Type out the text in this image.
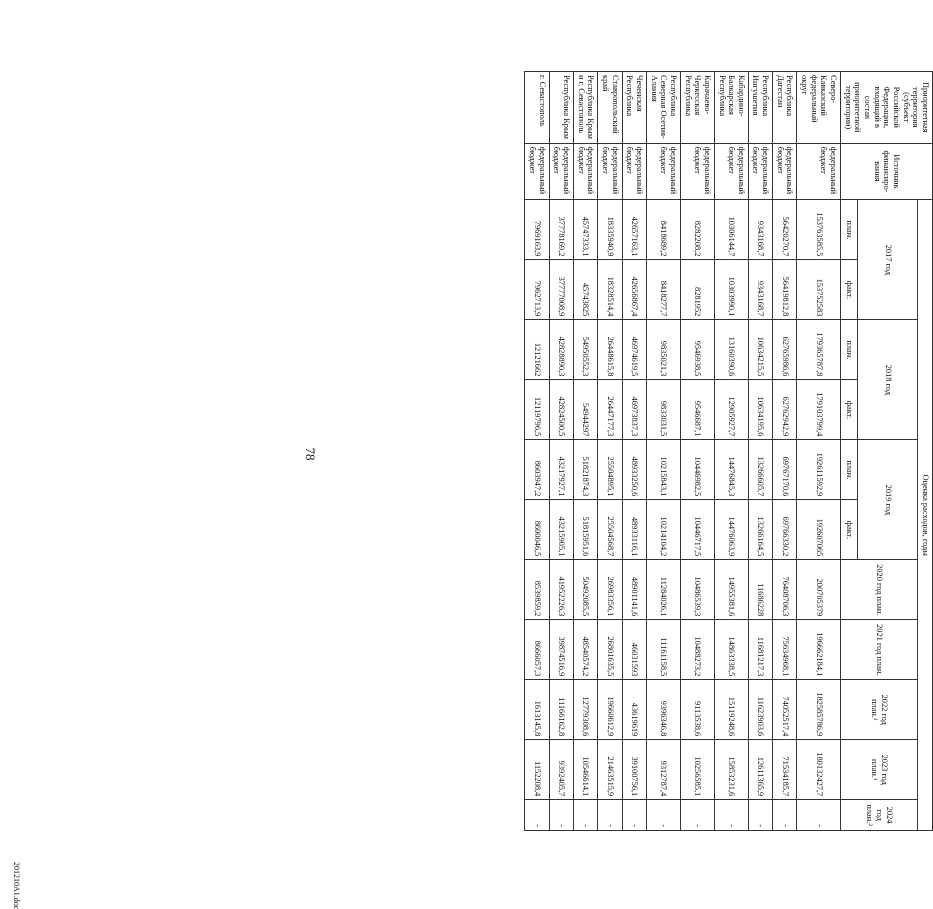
78
201210A1.doc
Приоритетная территория (субъект Российской Федерации, входящий в состав приоритетной территории)	Источник финансиро-вания	Оценка расходов, годы										
		2017 год		2018 год		2019 год		2020 год план.	2021 год план.	2022 год план.¹	2023 год план.¹	2024 год план.²
		план.	факт.	план.	факт.	план.	факт.					
Северо-Кавказский федеральный округ	федеральный бюджет	153763585,5	153752583	179365787,8	179103799,4	192611592,9	192607065	200705379	196662184,1	182585786,9	180132427,7	-
Республика Дагестан	федеральный бюджет	56420270,7	56419812,8	62765986,6	62762942,9	69767170,6	69766330,2	76408706,3	75634968,1	74052517,4	71534185,7	-
Республика Ингушетия	федеральный бюджет	9343168,7	9343168,7	10634215,5	10634195,6	13266605,7	13266164,5	11686228	11681217,3	11623903,6	12611365,9	-
Кабардино-Балкарская Республика	федеральный бюджет	10306144,7	10303990,1	13160390,6	12905927,7	14476845,3	14476063,9	14955381,6	14863338,5	15119248,6	15853231,6	-
Карачаево-Черкесская Республика	федеральный бюджет	8282208,2	8281952	9546938,5	9546687,1	10446982,5	10446717,5	10486539,3	10488273,2	9113538,6	10256585,1	-
Республика Северная Осетия-Алания	федеральный бюджет	8418689,2	8418277,7	9835021,3	9833031,5	10215843,1	10214104,2	11284026,1	11161158,5	9396346,8	9312787,4	-
Чеченская Республика	федеральный бюджет	42657163,1	42656867,4	46974619,5	46973837,3	48933250,6	48933116,1	48901141,6	46031593	43619619	39100756,1	-
Ставропольский край	федеральный бюджет	18335940,9	18328514,4	26448615,8	26447177,3	25504895,1	25504568,7	26983356,1	26801635,5	19660612,9	21463515,9	-
Республика Крым и г. Севастополь	федеральный бюджет	45747333,1	45743825	54950552,3	54944297	51821874,3	51815951,6	50492085,5	48540574,2	12779308,6	10546614,1	-
Республика Крым	федеральный бюджет	37778169,2	37777008,9	42828890,3	42824500,5	43217927,1	43215905,1	41952226,3	39874516,9	11166162,8	9392405,7	-
г. Севастополь	федеральный бюджет	7969163,9	7962713,9	12121662	12119796,5	8603947,2	8600046,5	8539859,2	8666057,3	1613145,8	1152208,4	-
